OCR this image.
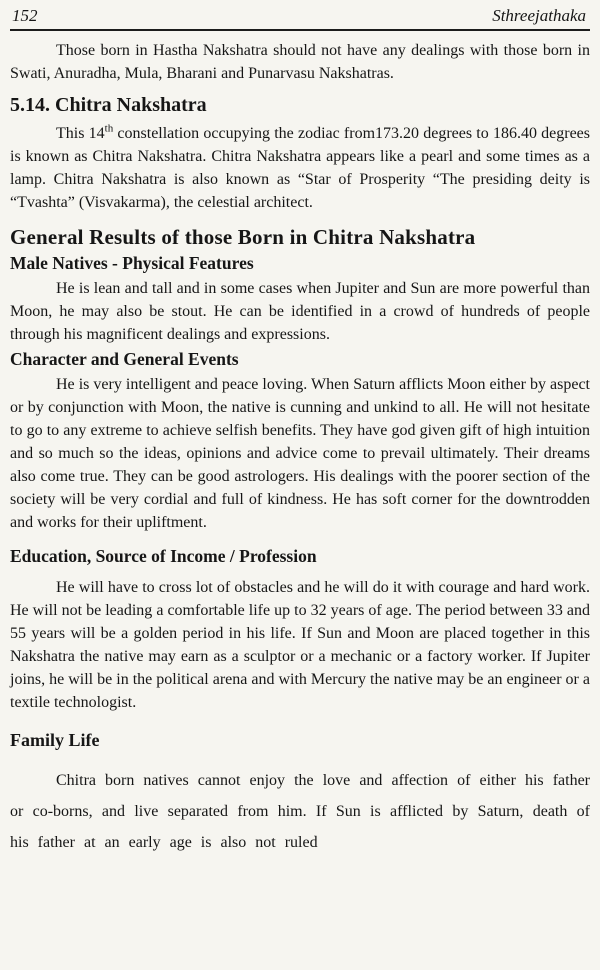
152	Sthreejathaka

Those born in Hastha Nakshatra should not have any dealings with those born in Swati, Anuradha, Mula, Bharani and Punarvasu Nakshatras.

5.14. Chitra Nakshatra

This 14th constellation occupying the zodiac from173.20 degrees to 186.40 degrees is known as Chitra Nakshatra. Chitra Nakshatra appears like a pearl and some times as a lamp. Chitra Nakshatra is also known as “Star of Prosperity “The presiding deity is “Tvashta” (Visvakarma), the celestial architect.

General Results of those Born in Chitra Nakshatra
Male Natives - Physical Features

He is lean and tall and in some cases when Jupiter and Sun are more powerful than Moon, he may also be stout. He can be identified in a crowd of hundreds of people through his magnificent dealings and expressions.

Character and General Events

He is very intelligent and peace loving. When Saturn afflicts Moon either by aspect or by conjunction with Moon, the native is cunning and unkind to all. He will not hesitate to go to any extreme to achieve selfish benefits. They have god given gift of high intuition and so much so the ideas, opinions and advice come to prevail ultimately. Their dreams also come true. They can be good astrologers. His dealings with the poorer section of the society will be very cordial and full of kindness. He has soft corner for the downtrodden and works for their upliftment.

Education, Source of Income / Profession

He will have to cross lot of obstacles and he will do it with courage and hard work. He will not be leading a comfortable life up to 32 years of age. The period between 33 and 55 years will be a golden period in his life. If Sun and Moon are placed together in this Nakshatra the native may earn as a sculptor or a mechanic or a factory worker. If Jupiter joins, he will be in the political arena and with Mercury the native may be an engineer or a textile technologist.

Family Life

Chitra born natives cannot enjoy the love and affection of either his father or co-borns, and live separated from him. If Sun is afflicted by Saturn, death of his father at an early age is also not ruled
